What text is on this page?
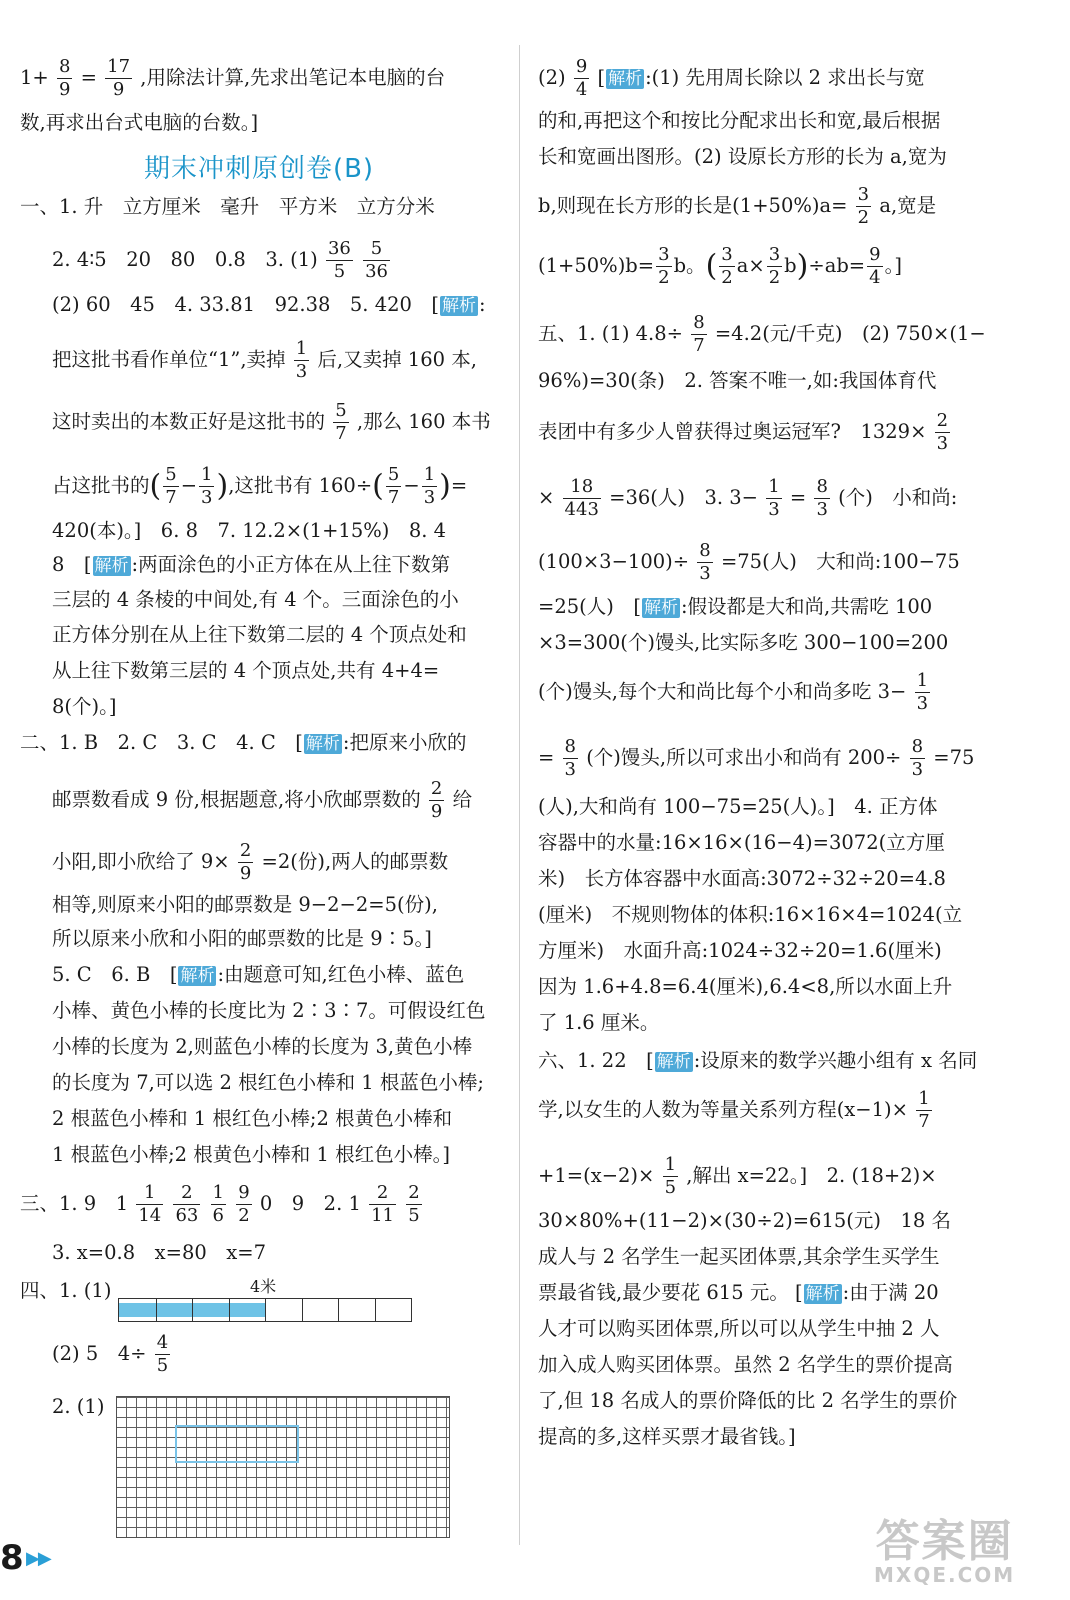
$1+ \frac{8}{9} = \frac{17}{9}$ ,用除法计算,先求出笔记本电脑的台
数,再求出台式电脑的台数。]
期末冲刺原创卷(B)
一、1. 升　立方厘米　毫升　平方米　立方分米
2. 4∶5　20　80　0.8　3. $(1) \frac{36}{5}$
$\frac{5}{36}$
(2) 60　45　4. 33.81　92.38　5. 420　[ 解析 :
把这批书看作单位“1”,卖掉 $\frac{1}{3}$ 后,又卖掉 160 本,
这时卖出的本数正好是这批书的 $\frac{5}{7}$ ,那么 160 本书
占这批书的( $\frac{5}{7} - \frac{1}{3}$ ),这批书有 $160\div( \frac{5}{7} - \frac{1}{3}$ )=
420(本)。]　6. 8　7. 12.2×(1+15%)　8. 4
8　[ 解析 :两面涂色的小正方体在从上往下数第
三层的 4 条棱的中间处,有 4 个。三面涂色的小
正方体分别在从上往下数第二层的 4 个顶点处和
从上往下数第三层的 4 个顶点处,共有 4+4=
8(个)。]
二、1. B　2. C　3. C　4. C　[ 解析 :把原来小欣的
邮票数看成 9 份,根据题意,将小欣邮票数的 $\frac{2}{9}$ 给
小阳,即小欣给了 $9\times \frac{2}{9} =2$(份),两人的邮票数
相等,则原来小阳的邮票数是 9−2−2=5(份),
所以原来小欣和小阳的邮票数的比是 9∶5。]
5. C　6. B　[ 解析 :由题意可知,红色小棒、蓝色
小棒、黄色小棒的长度比为 2∶3∶7。可假设红色
小棒的长度为 2,则蓝色小棒的长度为 3,黄色小棒
的长度为 7,可以选 2 根红色小棒和 1 根蓝色小棒;
2 根蓝色小棒和 1 根红色小棒;2 根黄色小棒和
1 根蓝色小棒;2 根黄色小棒和 1 根红色小棒。]
三、1. 9　$1 \frac{1}{14}$
$\frac{2}{63}$
$\frac{1}{6}$
$\frac{9}{2} 0$　9　2. $1 \frac{2}{11}$
$\frac{2}{5}$
3. x=0.8　x=80　x=7
四、1. (1)	4米
(2) 5　$4\div \frac{4}{5}$
2. (1)
$(2) \frac{9}{4}$ [ 解析 :(1) 先用周长除以 2 求出长与宽
的和,再把这个和按比分配求出长和宽,最后根据
长和宽画出图形。(2) 设原长方形的长为 a,宽为
b,则现在长方形的长是$(1+50\%)a= \frac{3}{2} a$,宽是
$(1+50\%)b= \frac{3}{2}$ b。( $\frac{3}{2} a\times \frac{3}{2} b)\div ab= \frac{9}{4}$ 。]
五、1. (1) $4.8\div \frac{8}{7} =4.2$(元/千克)　(2) 750×(1−
96%)=30(条)　2. 答案不唯一,如:我国体育代
表团中有多少人曾获得过奥运冠军?　$1329\times \frac{2}{3}$
× $\frac{18}{443} =36$(人)　3. $3- \frac{1}{3} = \frac{8}{3}$ (个)　小和尚:
$(100\times 3-100)\div \frac{8}{3} =75$(人)　大和尚:100−75
=25(人)　[ 解析 :假设都是大和尚,共需吃 100
×3=300(个)馒头,比实际多吃 300−100=200
(个)馒头,每个大和尚比每个小和尚多吃 $3- \frac{1}{3}$
= $\frac{8}{3}$ (个)馒头,所以可求出小和尚有 $200\div \frac{8}{3} =75$
(人),大和尚有 100−75=25(人)。]　4. 正方体
容器中的水量:16×16×(16−4)=3072(立方厘
米)　长方体容器中水面高:3072÷32÷20=4.8
(厘米)　不规则物体的体积:16×16×4=1024(立
方厘米)　水面升高:1024÷32÷20=1.6(厘米)
因为 1.6+4.8=6.4(厘米),6.4<8,所以水面上升
了 1.6 厘米。
六、1. 22　[ 解析 :设原来的数学兴趣小组有 x 名同
学,以女生的人数为等量关系列方程$(x-1)\times \frac{1}{7}$
$+1=(x-2)\times \frac{1}{5}$ ,解出 x=22。]　2. (18+2)×
30×80%+(11−2)×(30÷2)=615(元)　18 名
成人与 2 名学生一起买团体票,其余学生买学生
票最省钱,最少要花 615 元。 [ 解析 :由于满 20
人才可以购买团体票,所以可以从学生中抽 2 人
加入成人购买团体票。虽然 2 名学生的票价提高
了,但 18 名成人的票价降低的比 2 名学生的票价
提高的多,这样买票才最省钱。]
8 ▶▶	答案圈
MXQE.COM
